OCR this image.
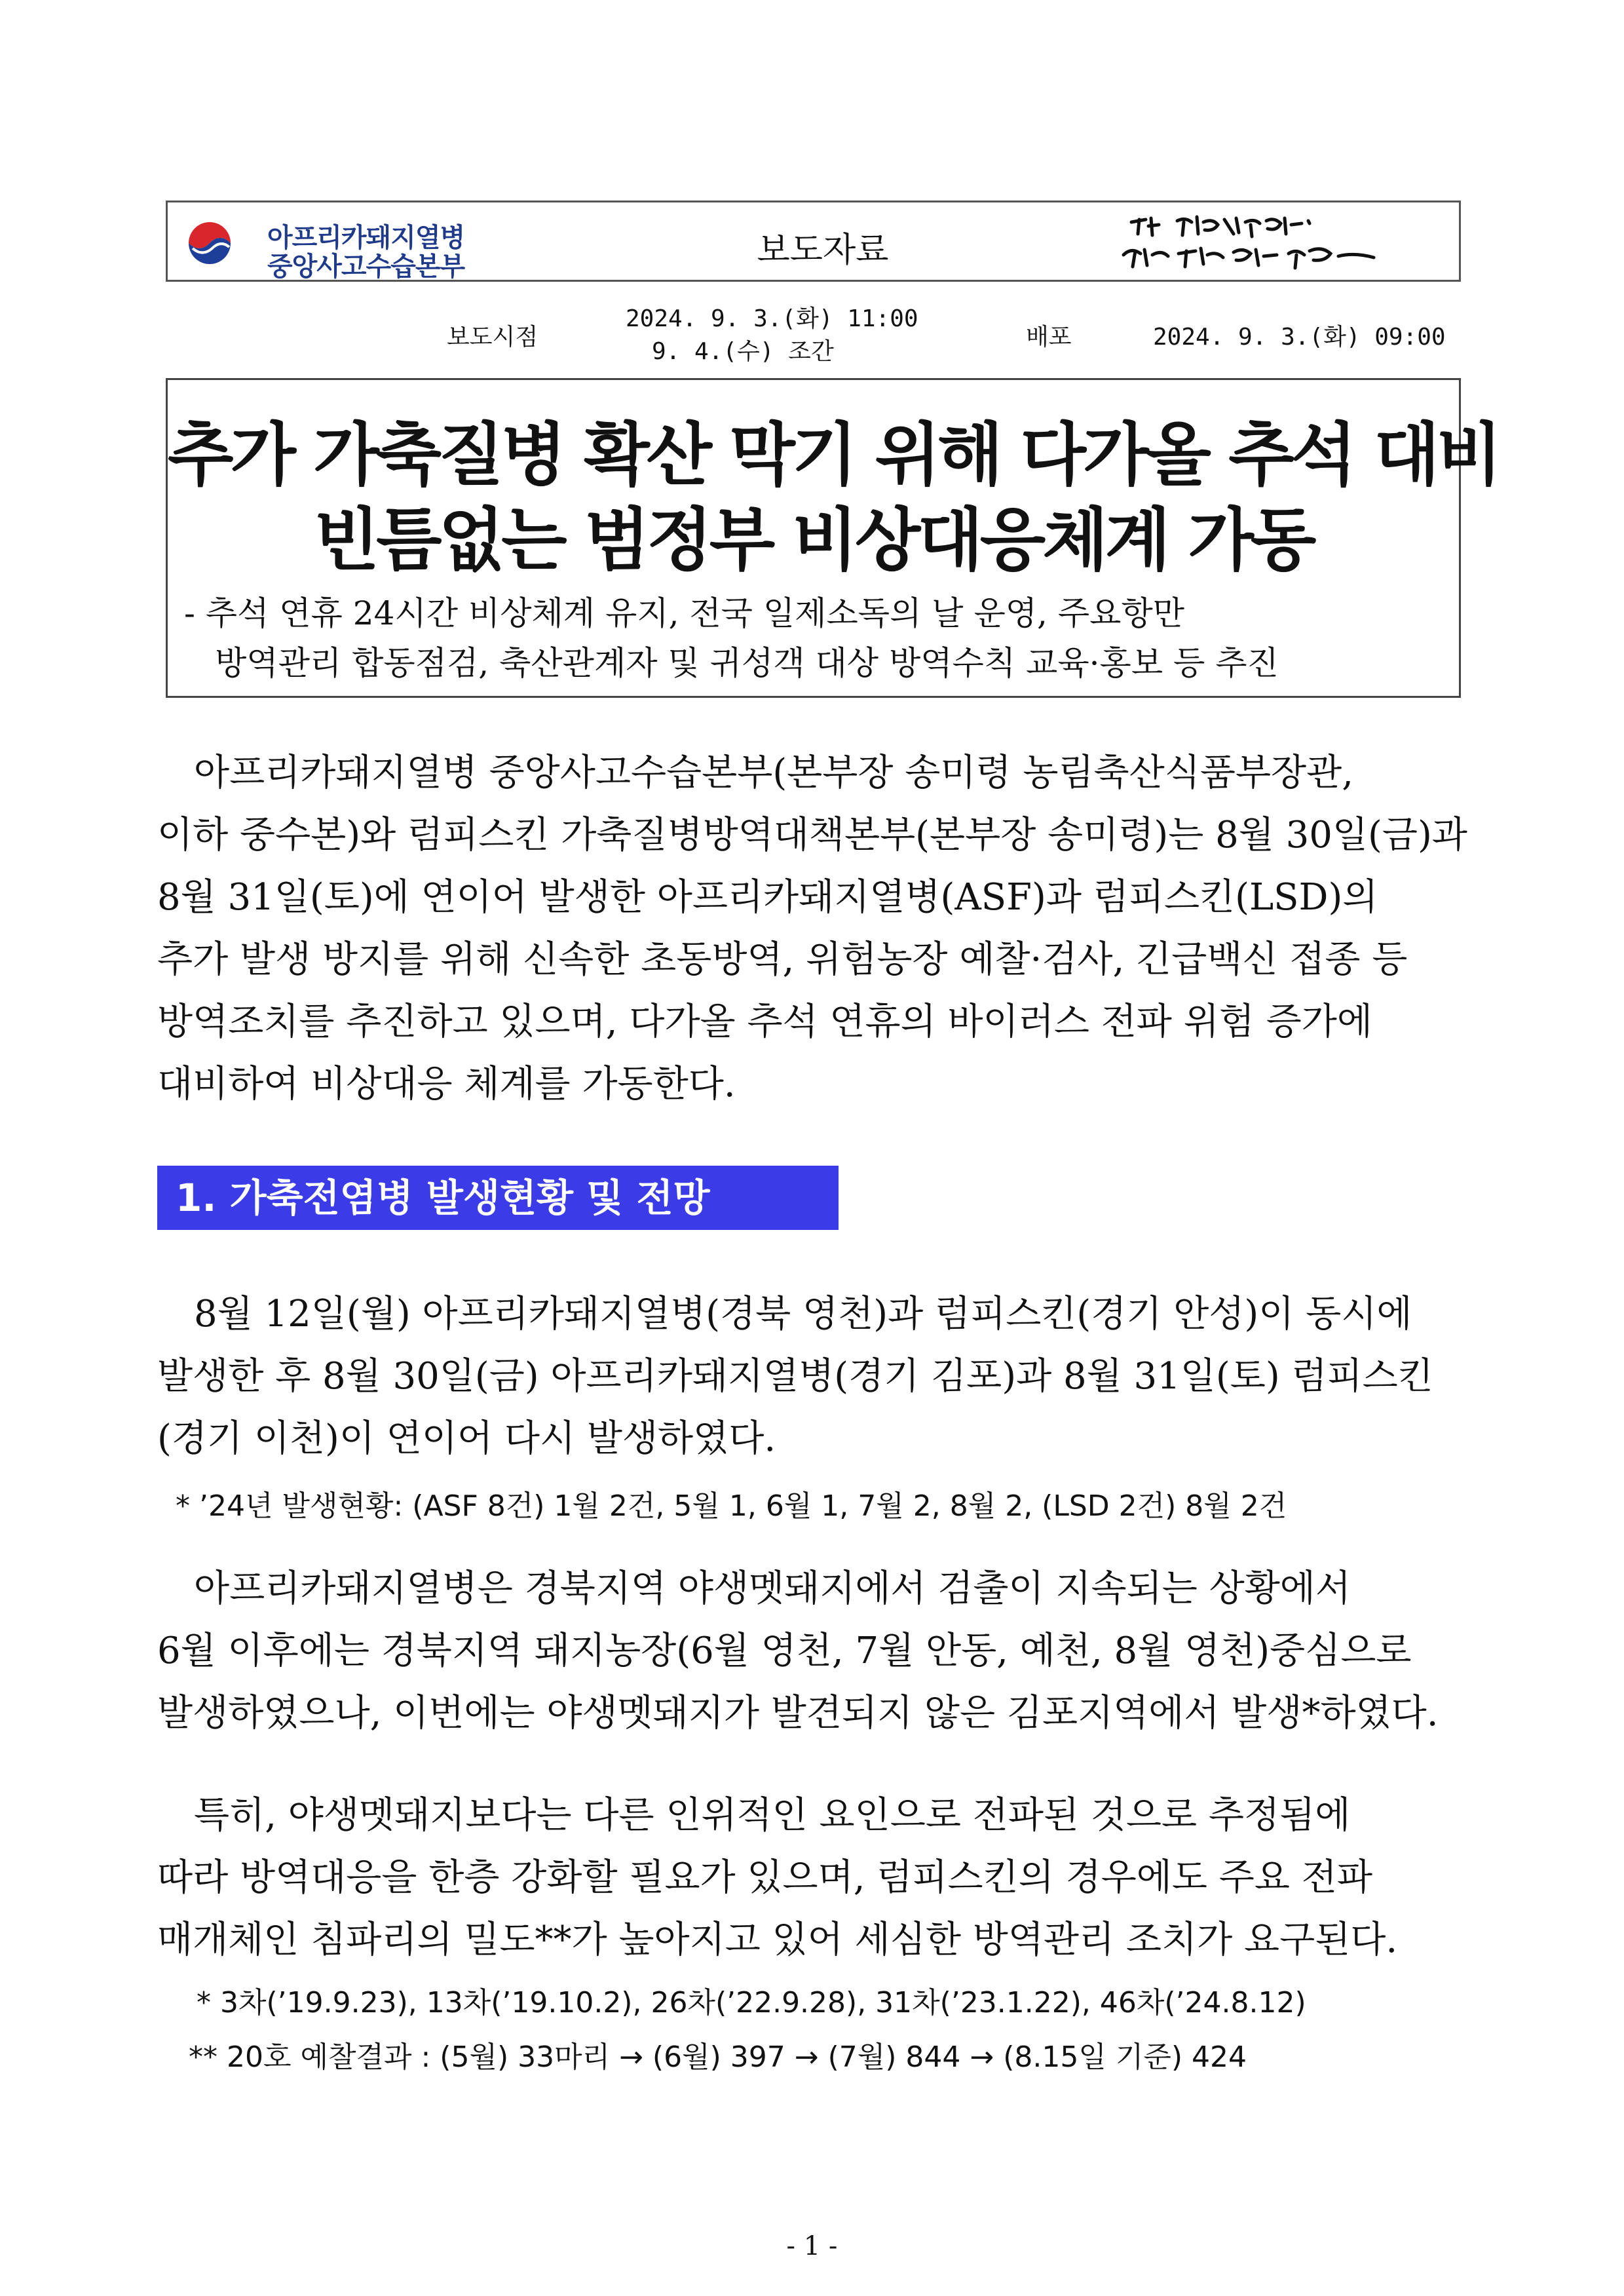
아프리카돼지열병
중앙사고수습본부	보도자료
보도시점
2024. 9. 3.(화) 11:00
9. 4.(수) 조간
배포	2024. 9. 3.(화) 09:00
추가 가축질병 확산 막기 위해 다가올 추석 대비
빈틈없는 범정부 비상대응체계 가동
- 추석 연휴 24시간 비상체계 유지, 전국 일제소독의 날 운영, 주요항만
방역관리 합동점검, 축산관계자 및 귀성객 대상 방역수칙 교육·홍보 등 추진
아프리카돼지열병 중앙사고수습본부(본부장 송미령 농림축산식품부장관,
이하 중수본)와 럼피스킨 가축질병방역대책본부(본부장 송미령)는 8월 30일(금)과
8월 31일(토)에 연이어 발생한 아프리카돼지열병(ASF)과 럼피스킨(LSD)의
추가 발생 방지를 위해 신속한 초동방역, 위험농장 예찰·검사, 긴급백신 접종 등
방역조치를 추진하고 있으며, 다가올 추석 연휴의 바이러스 전파 위험 증가에
대비하여 비상대응 체계를 가동한다.
1. 가축전염병 발생현황 및 전망
8월 12일(월) 아프리카돼지열병(경북 영천)과 럼피스킨(경기 안성)이 동시에
발생한 후 8월 30일(금) 아프리카돼지열병(경기 김포)과 8월 31일(토) 럼피스킨
(경기 이천)이 연이어 다시 발생하였다.
* ’24년 발생현황: (ASF 8건) 1월 2건, 5월 1, 6월 1, 7월 2, 8월 2, (LSD 2건) 8월 2건
아프리카돼지열병은 경북지역 야생멧돼지에서 검출이 지속되는 상황에서
6월 이후에는 경북지역 돼지농장(6월 영천, 7월 안동, 예천, 8월 영천)중심으로
발생하였으나, 이번에는 야생멧돼지가 발견되지 않은 김포지역에서 발생*하였다.
특히, 야생멧돼지보다는 다른 인위적인 요인으로 전파된 것으로 추정됨에
따라 방역대응을 한층 강화할 필요가 있으며, 럼피스킨의 경우에도 주요 전파
매개체인 침파리의 밀도**가 높아지고 있어 세심한 방역관리 조치가 요구된다.
* 3차(’19.9.23), 13차(’19.10.2), 26차(’22.9.28), 31차(’23.1.22), 46차(’24.8.12)
** 20호 예찰결과 : (5월) 33마리 → (6월) 397 → (7월) 844 → (8.15일 기준) 424
- 1 -
